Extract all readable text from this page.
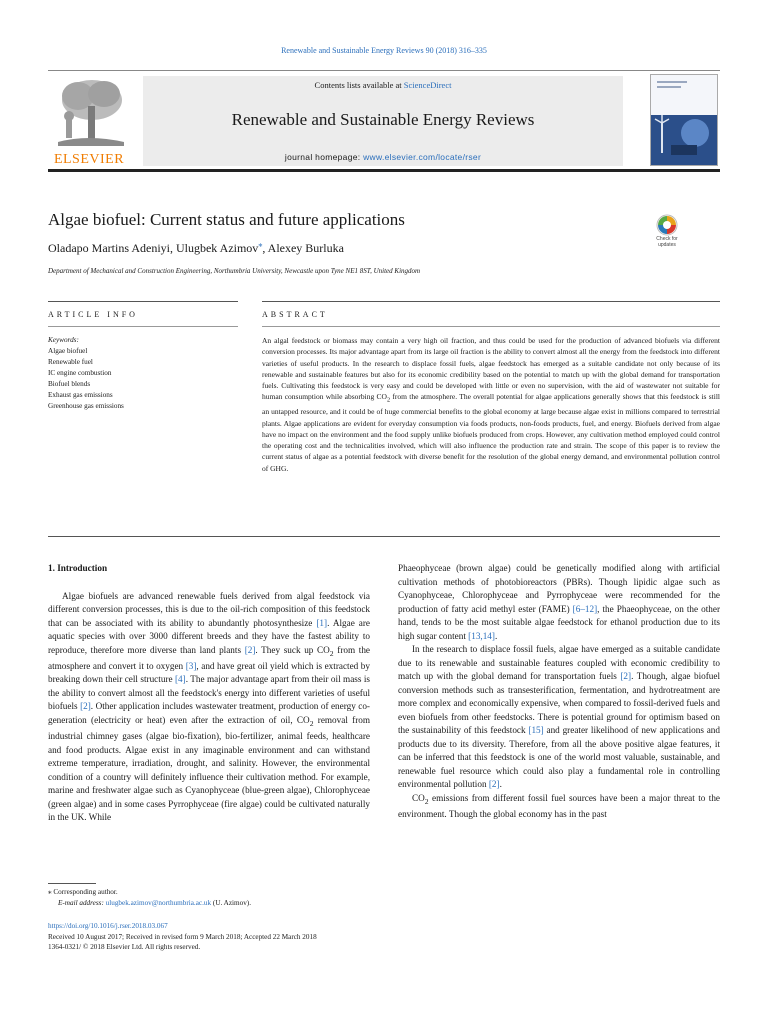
Renewable and Sustainable Energy Reviews 90 (2018) 316–335
ELSEVIER
Contents lists available at ScienceDirect
Renewable and Sustainable Energy Reviews
journal homepage: www.elsevier.com/locate/rser
Algae biofuel: Current status and future applications
Check for updates
Oladapo Martins Adeniyi, Ulugbek Azimov⁎, Alexey Burluka
Department of Mechanical and Construction Engineering, Northumbria University, Newcastle upon Tyne NE1 8ST, United Kingdom
ARTICLE INFO	ABSTRACT
Keywords:
Algae biofuel
Renewable fuel
IC engine combustion
Biofuel blends
Exhaust gas emissions
Greenhouse gas emissions
An algal feedstock or biomass may contain a very high oil fraction, and thus could be used for the production of advanced biofuels via different conversion processes. Its major advantage apart from its large oil fraction is the ability to convert almost all the energy from the feedstock into different varieties of useful products. In the research to displace fossil fuels, algae feedstock has emerged as a suitable candidate not only because of its renewable and sustainable features but also for its economic credibility based on the potential to match up with the global demand for transportation fuels. Cultivating this feedstock is very easy and could be developed with little or even no supervision, with the aid of wastewater not suitable for human consumption while absorbing $CO_2$ from the atmosphere. The overall potential for algae applications generally shows that this feedstock is still an untapped resource, and it could be of huge commercial benefits to the global economy at large because algae exist in millions compared to terrestrial plants. Algae applications are evident for everyday consumption via foods products, non-foods products, fuel, and energy. Biofuels derived from algae have no impact on the environment and the food supply unlike biofuels produced from crops. However, any cultivation method employed could control the operating cost and the technicalities involved, which will also influence the production rate and strain. The scope of this paper is to review the current status of algae as a potential feedstock with diverse benefit for the resolution of the global energy demand, and environmental pollution control of GHG.
1. Introduction

Algae biofuels are advanced renewable fuels derived from algal feedstock via different conversion processes, this is due to the oil-rich composition of this feedstock that can be associated with its ability to abundantly photosynthesize [1]. Algae are aquatic species with over 3000 different breeds and they have the fastest ability to reproduce, therefore more diverse than land plants [2]. They suck up $CO_2$ from the atmosphere and convert it to oxygen [3], and have great oil yield which is extracted by breaking down their cell structure [4]. The major advantage apart from their oil mass is the ability to convert almost all the feedstock's energy into different varieties of useful biofuels [2]. Other application includes wastewater treatment, production of energy co-generation (electricity or heat) even after the extraction of oil, $CO_2$ removal from industrial chimney gases (algae bio-fixation), bio-fertilizer, animal feeds, healthcare and food products. Algae exist in any imaginable environment and can withstand extreme temperature, irradiation, drought, and salinity. However, the environmental condition of a country will definitely influence their cultivation method. For example, marine and freshwater algae such as Cyanophyceae (blue-green algae), Chlorophyceae (green algae) and in some cases Pyrrophyceae (fire algae) could be cultivated naturally in the UK. While

Phaeophyceae (brown algae) could be genetically modified along with artificial cultivation methods of photobioreactors (PBRs). Though lipidic algae such as Cyanophyceae, Chlorophyceae and Pyrrophyceae were recommended for the production of fatty acid methyl ester (FAME) [6–12], the Phaeophyceae, on the other hand, tends to be the most suitable algae feedstock for ethanol production due to its high sugar content [13,14].

In the research to displace fossil fuels, algae have emerged as a suitable candidate due to its renewable and sustainable features coupled with economic credibility to match up with the global demand for transportation fuels [2]. Though, algae biofuel conversion methods such as transesterification, fermentation, and hydrotreatment are more complex and economically expensive, when compared to fossil-derived fuels and even biofuels from other feedstocks. There is potential ground for optimism based on the sustainability of this feedstock [15] and greater likelihood of new applications and products due to its diversity. Therefore, from all the above positive algae features, it can be inferred that this feedstock is one of the world most valuable, sustainable, and renewable fuel resource which could also play a fundamental role in controlling environmental pollution [2].

$CO_2$ emissions from different fossil fuel sources have been a major threat to the environment. Though the global economy has in the past

⁎ Corresponding author.
E-mail address: ulugbek.azimov@northumbria.ac.uk (U. Azimov).
https://doi.org/10.1016/j.rser.2018.03.067
Received 10 August 2017; Received in revised form 9 March 2018; Accepted 22 March 2018
1364-0321/ © 2018 Elsevier Ltd. All rights reserved.
